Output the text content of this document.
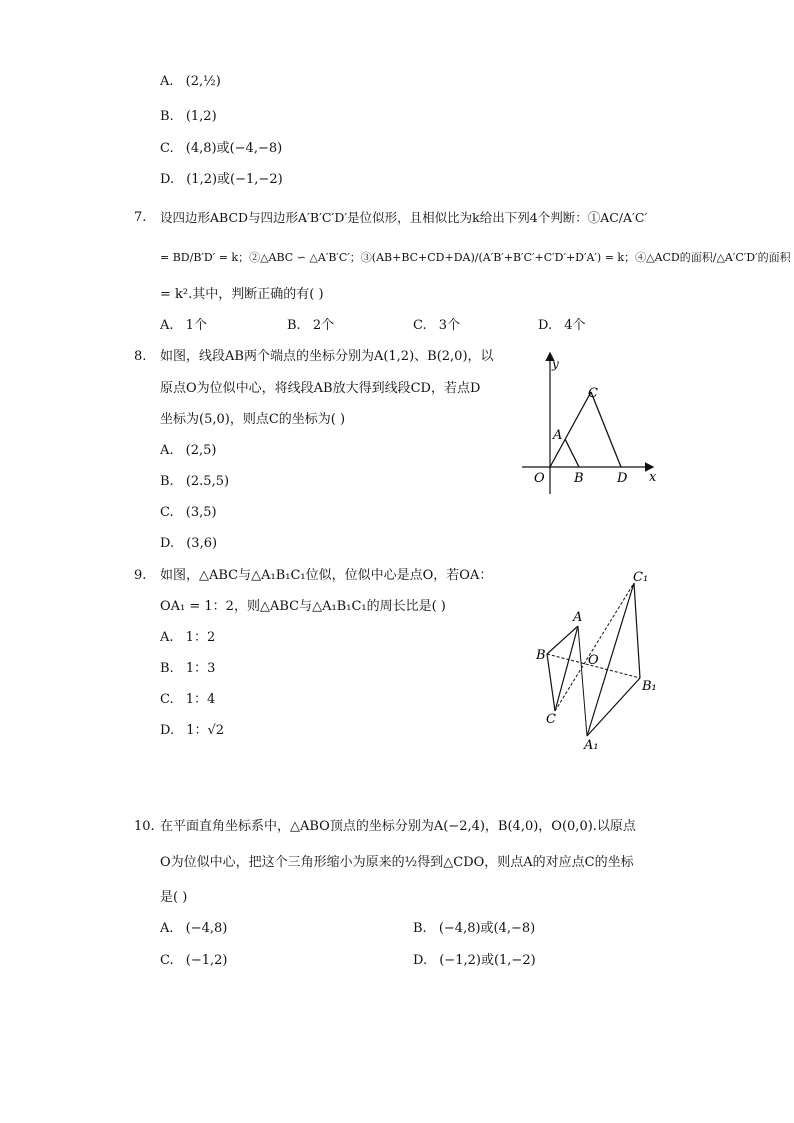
A. (2,½)
B. (1,2)
C. (4,8)或(−4,−8)
D. (1,2)或(−1,−2)
7. 设四边形ABCD与四边形A′B′C′D′是位似形，且相似比为k给出下列4个判断：①AC/A′C′
= BD/B′D′ = k；②△ABC ∽ △A′B′C′；③(AB+BC+CD+DA)/(A′B′+B′C′+C′D′+D′A′) = k；④△ACD的面积/△A′C′D′的面积
= k².其中，判断正确的有( )
A. 1个	B. 2个	C. 3个	D. 4个
8. 如图，线段AB两个端点的坐标分别为A(1,2)、B(2,0)，以
原点O为位似中心，将线段AB放大得到线段CD，若点D
坐标为(5,0)，则点C的坐标为( )
A. (2,5)
B. (2.5,5)
C. (3,5)
D. (3,6)
y
x
O
A
B
C
D
9. 如图，△ABC与△A₁B₁C₁位似，位似中心是点O，若OA：
OA₁ = 1：2，则△ABC与△A₁B₁C₁的周长比是( )
A. 1：2
B. 1：3
C. 1：4
D. 1：√2
A
B
C
O
A₁
B₁
C₁
10. 在平面直角坐标系中，△ABO顶点的坐标分别为A(−2,4)，B(4,0)，O(0,0).以原点
O为位似中心，把这个三角形缩小为原来的½得到△CDO，则点A的对应点C的坐标
是( )
A. (−4,8)	B. (−4,8)或(4,−8)
C. (−1,2)	D. (−1,2)或(1,−2)
